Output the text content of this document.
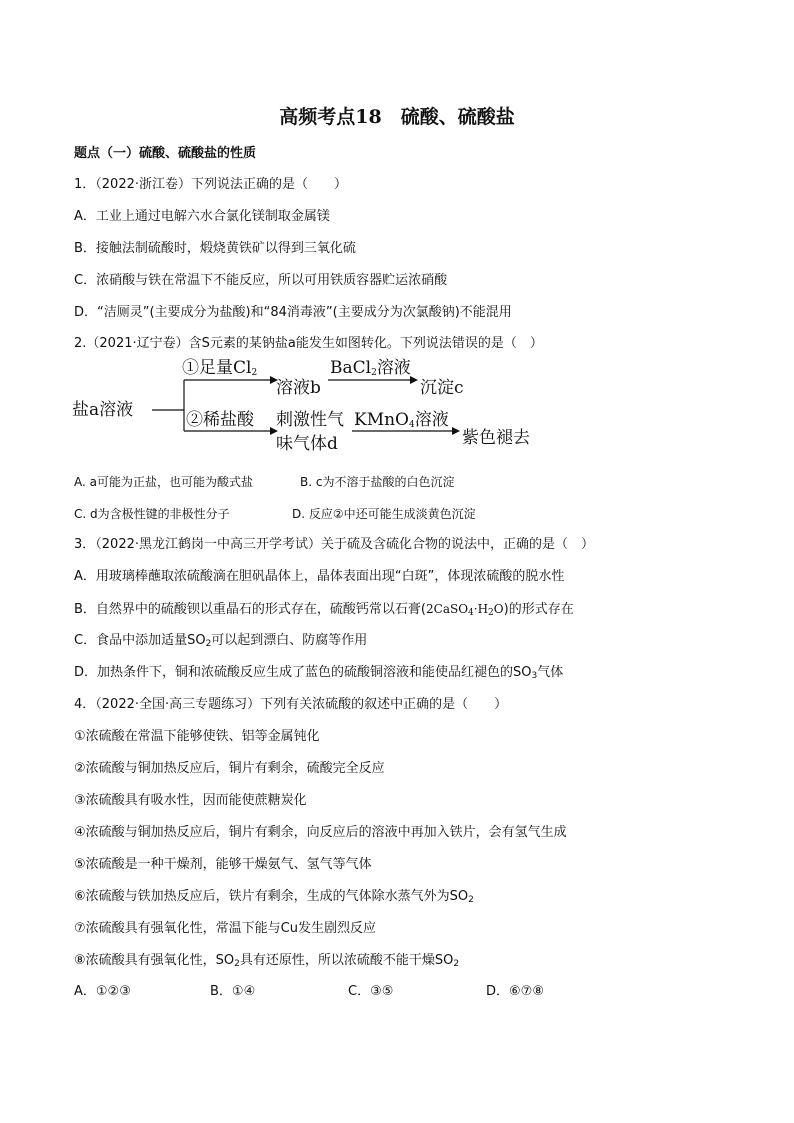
高频考点18　硫酸、硫酸盐
题点（一）硫酸、硫酸盐的性质
1．（2022·浙江卷）下列说法正确的是（　　）
A．工业上通过电解六水合氯化镁制取金属镁
B．接触法制硫酸时，煅烧黄铁矿以得到三氧化硫
C．浓硝酸与铁在常温下不能反应，所以可用铁质容器贮运浓硝酸
D．“洁厕灵”(主要成分为盐酸)和“84消毒液”(主要成分为次氯酸钠)不能混用
2.（2021·辽宁卷）含S元素的某钠盐a能发生如图转化。下列说法错误的是（　）
盐a溶液
①足量$Cl_2$
溶液b
BaCl$_2$溶液
沉淀c
②稀盐酸 刺激性气
味气体d
KMnO$_4$溶液
紫色褪去
A. a可能为正盐，也可能为酸式盐	B. c为不溶于盐酸的白色沉淀
C. d为含极性键的非极性分子	D. 反应②中还可能生成淡黄色沉淀
3．（2022·黑龙江鹤岗一中高三开学考试）关于硫及含硫化合物的说法中，正确的是（　）
A．用玻璃棒蘸取浓硫酸滴在胆矾晶体上，晶体表面出现“白斑”，体现浓硫酸的脱水性
B．自然界中的硫酸钡以重晶石的形式存在，硫酸钙常以石膏$(2CaSO_4\cdot H_2O)$的形式存在
C．食品中添加适量$SO_2$可以起到漂白、防腐等作用
D．加热条件下，铜和浓硫酸反应生成了蓝色的硫酸铜溶液和能使品红褪色的$SO_3$气体
4．（2022·全国·高三专题练习）下列有关浓硫酸的叙述中正确的是（　　）
①浓硫酸在常温下能够使铁、铝等金属钝化
②浓硫酸与铜加热反应后，铜片有剩余，硫酸完全反应
③浓硫酸具有吸水性，因而能使蔗糖炭化
④浓硫酸与铜加热反应后，铜片有剩余，向反应后的溶液中再加入铁片，会有氢气生成
⑤浓硫酸是一种干燥剂，能够干燥氨气、氢气等气体
⑥浓硫酸与铁加热反应后，铁片有剩余，生成的气体除水蒸气外为$SO_2$
⑦浓硫酸具有强氧化性，常温下能与Cu发生剧烈反应
⑧浓硫酸具有强氧化性，$SO_2$具有还原性，所以浓硫酸不能干燥$SO_2$
A．①②③	B．①④	C．③⑤	D．⑥⑦⑧
